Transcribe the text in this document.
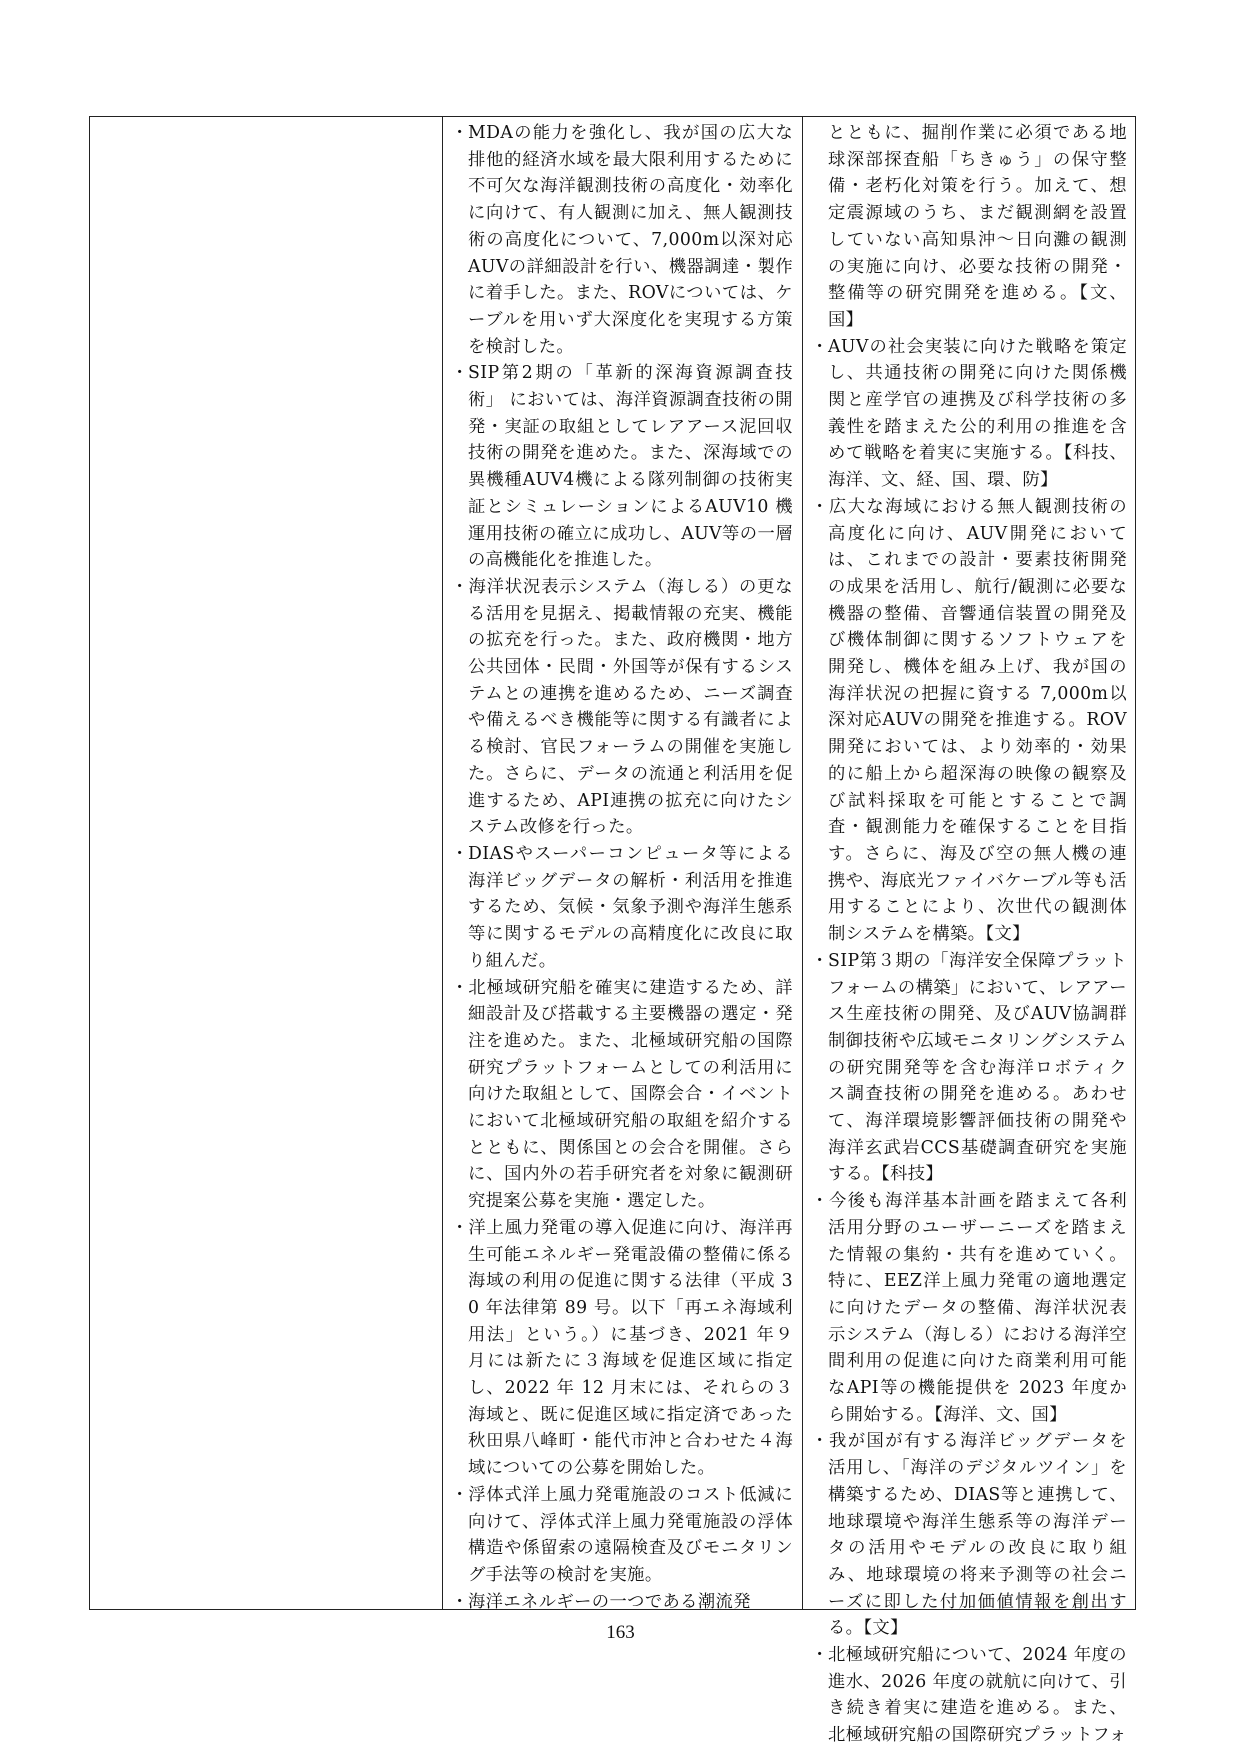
・ MDAの能力を強化し、我が国の広大な排他的経済水域を最大限利用するために不可欠な海洋観測技術の高度化・効率化に向けて、有人観測に加え、無人観測技術の高度化について、7,000m以深対応AUVの詳細設計を行い、機器調達・製作に着手した。また、ROVについては、ケーブルを用いず大深度化を実現する方策を検討した。
・ SIP第2期の「革新的深海資源調査技術」 においては、海洋資源調査技術の開発・実証の取組としてレアアース泥回収技術の開発を進めた。また、深海域での異機種AUV4機による隊列制御の技術実証とシミュレーションによるAUV10 機運用技術の確立に成功し、AUV等の一層の高機能化を推進した。
・ 海洋状況表示システム（海しる）の更なる活用を見据え、掲載情報の充実、機能の拡充を行った。また、政府機関・地方公共団体・民間・外国等が保有するシステムとの連携を進めるため、ニーズ調査や備えるべき機能等に関する有識者による検討、官民フォーラムの開催を実施した。さらに、データの流通と利活用を促進するため、API連携の拡充に向けたシステム改修を行った。
・ DIASやスーパーコンピュータ等による海洋ビッグデータの解析・利活用を推進するため、気候・気象予測や海洋生態系等に関するモデルの高精度化に改良に取り組んだ。
・ 北極域研究船を確実に建造するため、詳細設計及び搭載する主要機器の選定・発注を進めた。また、北極域研究船の国際研究プラットフォームとしての利活用に向けた取組として、国際会合・イベントにおいて北極域研究船の取組を紹介するとともに、関係国との会合を開催。さらに、国内外の若手研究者を対象に観測研究提案公募を実施・選定した。
・ 洋上風力発電の導入促進に向け、海洋再生可能エネルギー発電設備の整備に係る海域の利用の促進に関する法律（平成 30 年法律第 89 号。以下「再エネ海域利用法」という。）に基づき、2021 年９月には新たに３海域を促進区域に指定し、2022 年 12 月末には、それらの３海域と、既に促進区域に指定済であった秋田県八峰町・能代市沖と合わせた４海域についての公募を開始した。
・ 浮体式洋上風力発電施設のコスト低減に向けて、浮体式洋上風力発電施設の浮体構造や係留索の遠隔検査及びモニタリング手法等の検討を実施。
・ 海洋エネルギーの一つである潮流発
とともに、掘削作業に必須である地球深部探査船「ちきゅう」の保守整備・老朽化対策を行う。加えて、想定震源域のうち、まだ観測網を設置していない高知県沖～日向灘の観測の実施に向け、必要な技術の開発・整備等の研究開発を進める。【文、国】
・ AUVの社会実装に向けた戦略を策定し、共通技術の開発に向けた関係機関と産学官の連携及び科学技術の多義性を踏まえた公的利用の推進を含めて戦略を着実に実施する。【科技、海洋、文、経、国、環、防】
・ 広大な海域における無人観測技術の高度化に向け、AUV開発においては、これまでの設計・要素技術開発の成果を活用し、航行/観測に必要な機器の整備、音響通信装置の開発及び機体制御に関するソフトウェアを開発し、機体を組み上げ、我が国の海洋状況の把握に資する 7,000m以深対応AUVの開発を推進する。ROV開発においては、より効率的・効果的に船上から超深海の映像の観察及び試料採取を可能とすることで調査・観測能力を確保することを目指す。さらに、海及び空の無人機の連携や、海底光ファイバケーブル等も活用することにより、次世代の観測体制システムを構築。【文】
・ SIP第３期の「海洋安全保障プラットフォームの構築」において、レアアース生産技術の開発、及びAUV協調群制御技術や広域モニタリングシステムの研究開発等を含む海洋ロボティクス調査技術の開発を進める。あわせて、海洋環境影響評価技術の開発や海洋玄武岩CCS基礎調査研究を実施する。【科技】
・ 今後も海洋基本計画を踏まえて各利活用分野のユーザーニーズを踏まえた情報の集約・共有を進めていく。特に、EEZ洋上風力発電の適地選定に向けたデータの整備、海洋状況表示システム（海しる）における海洋空間利用の促進に向けた商業利用可能なAPI等の機能提供を 2023 年度から開始する。【海洋、文、国】
・ 我が国が有する海洋ビッグデータを活用し、「海洋のデジタルツイン」を構築するため、DIAS等と連携して、地球環境や海洋生態系等の海洋データの活用やモデルの改良に取り組み、地球環境の将来予測等の社会ニーズに即した付加価値情報を創出する。【文】
・ 北極域研究船について、2024 年度の進水、2026 年度の就航に向けて、引き続き着実に建造を進める。また、北極域研究船の国際研究プラットフォ
163
